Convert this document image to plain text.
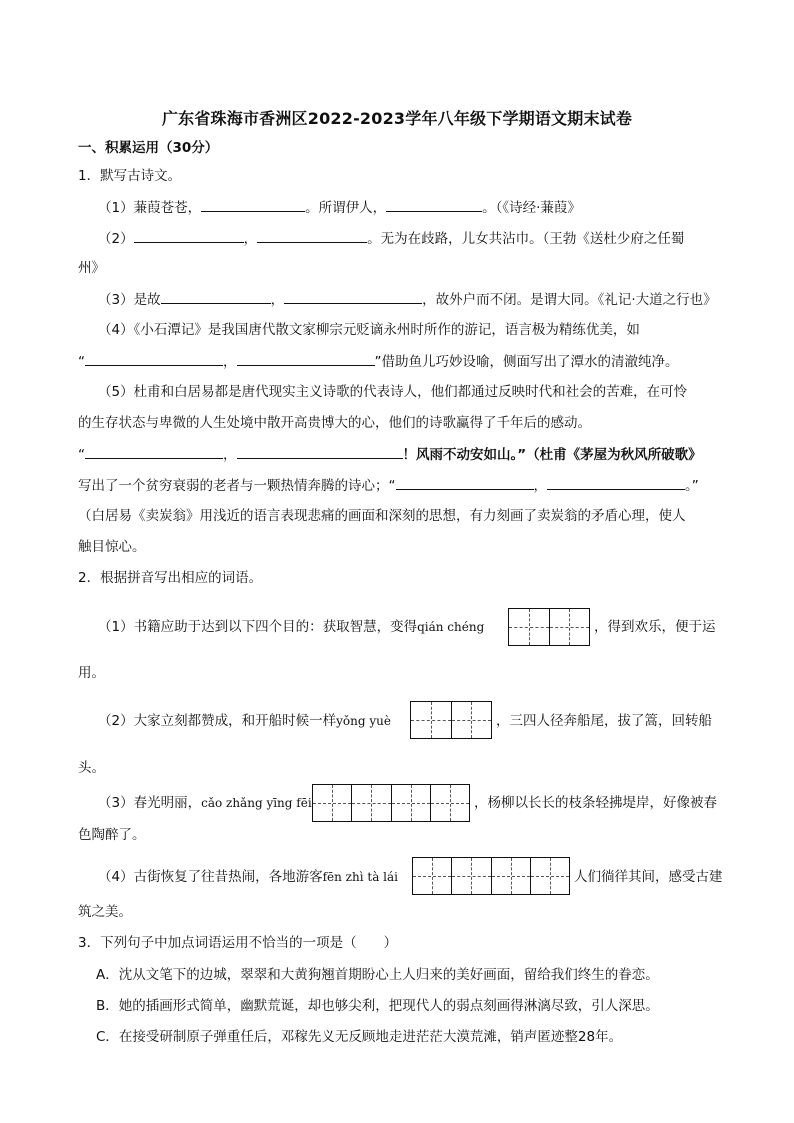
广东省珠海市香洲区2022-2023学年八年级下学期语文期末试卷
一、积累运用（30分）
1．默写古诗文。
（1）蒹葭苍苍，	。所谓伊人，	。（《诗经·蒹葭》
（2）	，	。无为在歧路，儿女共沾巾。（王勃《送杜少府之任蜀
州》
（3）是故	，	，故外户而不闭。是谓大同。《礼记·大道之行也》
（4）《小石潭记》是我国唐代散文家柳宗元贬谪永州时所作的游记，语言极为精练优美，如
“	，	”借助鱼儿巧妙设喻，侧面写出了潭水的清澈纯净。
（5）杜甫和白居易都是唐代现实主义诗歌的代表诗人，他们都通过反映时代和社会的苦难，在可怜
的生存状态与卑微的人生处境中散开高贵博大的心，他们的诗歌赢得了千年后的感动。
“	，	！风雨不动安如山。”（杜甫《茅屋为秋风所破歌》
写出了一个贫穷衰弱的老者与一颗热情奔腾的诗心；“	，	。”
（白居易《卖炭翁》用浅近的语言表现悲痛的画面和深刻的思想，有力刻画了卖炭翁的矛盾心理，使人
触目惊心。
2．根据拼音写出相应的词语。
（1）书籍应助于达到以下四个目的：获取智慧，变得qián chéng	，得到欢乐，便于运
用。
（2）大家立刻都赞成，和开船时候一样yǒng yuè	，三四人径奔船尾，拔了篙，回转船
头。
（3）春光明丽，cǎo zhǎng yīng fēi	，杨柳以长长的枝条轻拂堤岸，好像被春
色陶醉了。
（4）古街恢复了往昔热闹，各地游客fēn zhì tà lái	人们徜徉其间，感受古建
筑之美。
3．下列句子中加点词语运用不恰当的一项是（　　）
A．沈从文笔下的边城，翠翠和大黄狗翘首期盼心上人归来的美好画面，留给我们终生的眷恋。
B．她的插画形式简单，幽默荒诞，却也够尖利，把现代人的弱点刻画得淋漓尽致，引人深思。
C．在接受研制原子弹重任后，邓稼先义无反顾地走进茫茫大漠荒滩，销声匿迹整28年。
